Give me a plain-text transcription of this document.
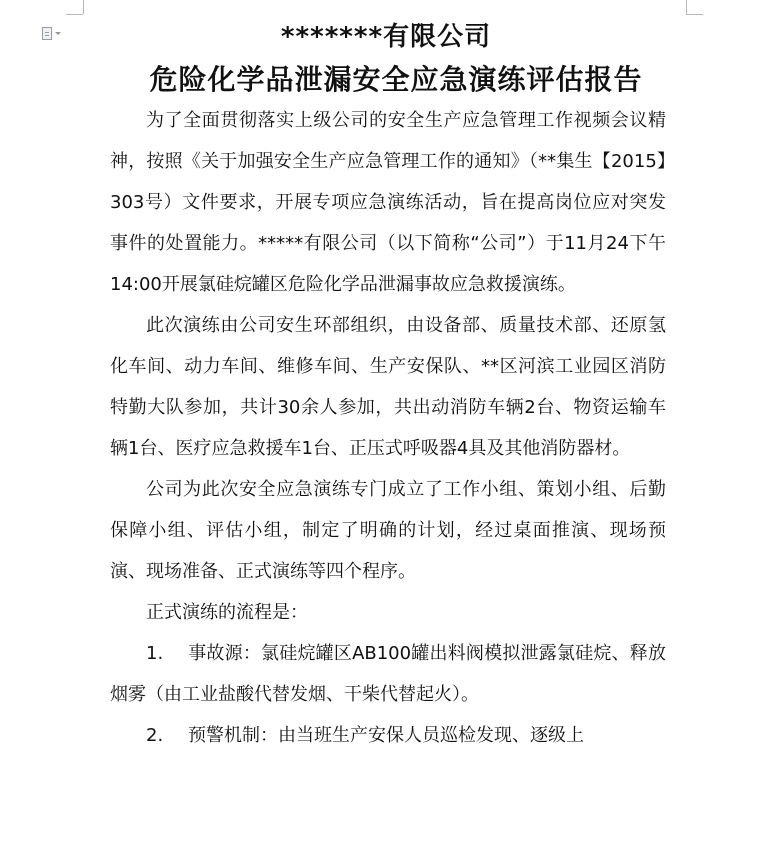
*******有限公司
危险化学品泄漏安全应急演练评估报告

为了全面贯彻落实上级公司的安全生产应急管理工作视频会议精神，按照《关于加强安全生产应急管理工作的通知》（**集生【2015】303号）文件要求，开展专项应急演练活动，旨在提高岗位应对突发事件的处置能力。*****有限公司（以下简称“公司”）于11月24下午14:00开展氯硅烷罐区危险化学品泄漏事故应急救援演练。

此次演练由公司安生环部组织，由设备部、质量技术部、还原氢化车间、动力车间、维修车间、生产安保队、**区河滨工业园区消防特勤大队参加，共计30余人参加，共出动消防车辆2台、物资运输车辆1台、医疗应急救援车1台、正压式呼吸器4具及其他消防器材。

公司为此次安全应急演练专门成立了工作小组、策划小组、后勤保障小组、评估小组，制定了明确的计划，经过桌面推演、现场预演、现场准备、正式演练等四个程序。

正式演练的流程是：

1. 事故源：氯硅烷罐区AB100罐出料阀模拟泄露氯硅烷、释放烟雾（由工业盐酸代替发烟、干柴代替起火）。

2. 预警机制：由当班生产安保人员巡检发现、逐级上
